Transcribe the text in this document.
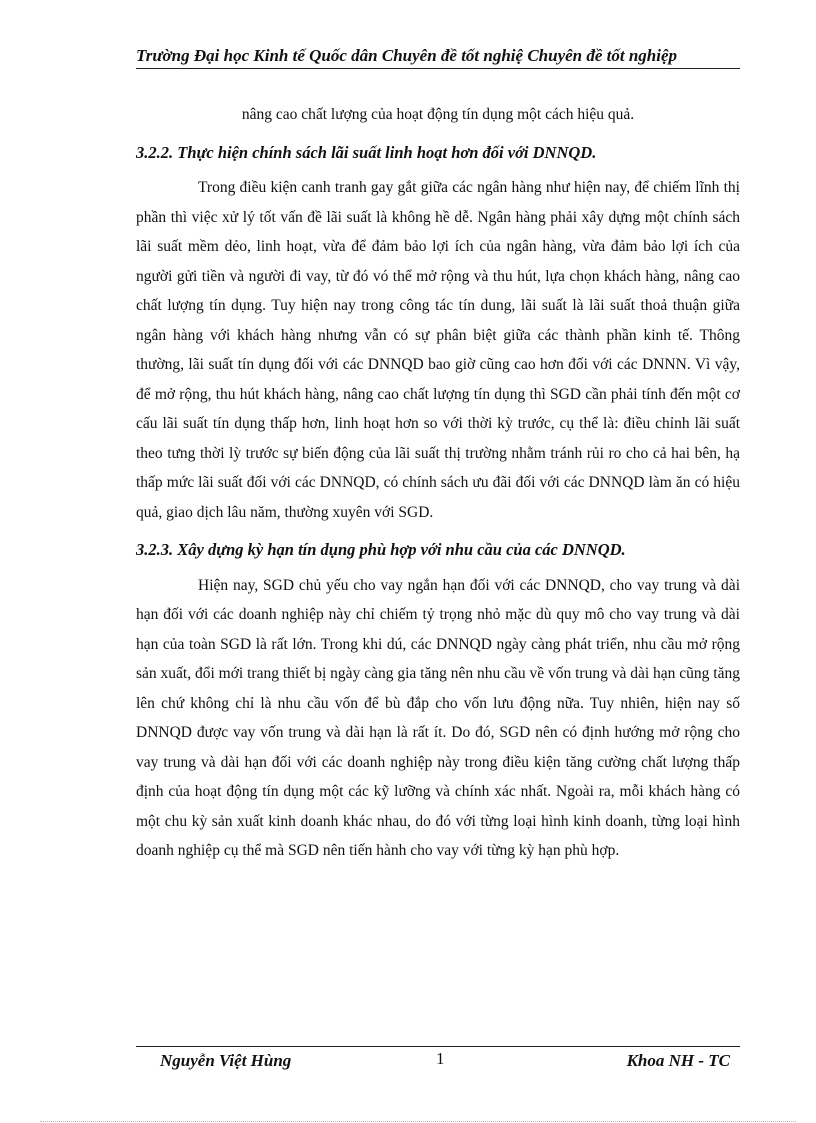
Trường Đại học Kinh tế Quốc dân Chuyên đề tốt nghiệ Chuyên đề tốt nghiệp

nâng cao chất lượng của hoạt động tín dụng một cách hiệu quả.

3.2.2. Thực hiện chính sách lãi suất linh hoạt hơn đối với DNNQD.

Trong điều kiện canh tranh gay gắt giữa các ngân hàng như hiện nay, để chiếm lĩnh thị phần thì việc xử lý tốt vấn đề lãi suất là không hề dễ. Ngân hàng phải xây dựng một chính sách lãi suất mềm dẻo, linh hoạt, vừa để đảm bảo lợi ích của ngân hàng, vừa đảm bảo lợi ích của người gửi tiền và người đi vay, từ đó vó thể mở rộng và thu hút, lựa chọn khách hàng, nâng cao chất lượng tín dụng. Tuy hiện nay trong công tác tín dung, lãi suất là lãi suất thoả thuận giữa ngân hàng với khách hàng nhưng vẫn có sự phân biệt giữa các thành phần kinh tế. Thông thường, lãi suất tín dụng đối với các DNNQD bao giờ cũng cao hơn đối với các DNNN. Vì vậy, để mở rộng, thu hút khách hàng, nâng cao chất lượng tín dụng thì SGD cần phải tính đến một cơ cấu lãi suất tín dụng thấp hơn, linh hoạt hơn so với thời kỳ trước, cụ thể là: điều chỉnh lãi suất theo tưng thời lỳ trước sự biến động của lãi suất thị trường nhằm tránh rủi ro cho cả hai bên, hạ thấp mức lãi suất đối với các DNNQD, có chính sách ưu đãi đối với các DNNQD làm ăn có hiệu quả, giao dịch lâu năm, thường xuyên với SGD.

3.2.3. Xây dựng kỳ hạn tín dụng phù hợp với nhu cầu của các DNNQD.

Hiện nay, SGD chủ yếu cho vay ngắn hạn đối với các DNNQD, cho vay trung và dài hạn đối với các doanh nghiệp này chỉ chiếm tỷ trọng nhỏ mặc dù quy mô cho vay trung và dài hạn của toàn SGD là rất lớn. Trong khi dú, các DNNQD ngày càng phát triển, nhu cầu mở rộng sản xuất, đổi mới trang thiết bị ngày càng gia tăng nên nhu cầu về vốn trung và dài hạn cũng tăng lên chứ không chỉ là nhu cầu vốn để bù đắp cho vốn lưu động nữa. Tuy nhiên, hiện nay số DNNQD được vay vốn trung và dài hạn là rất ít. Do đó, SGD nên có định hướng mở rộng cho vay trung và dài hạn đối với các doanh nghiệp này trong điều kiện tăng cường chất lượng thấp định của hoạt động tín dụng một các kỹ lưỡng và chính xác nhất. Ngoài ra, mỗi khách hàng có một chu kỳ sản xuất kinh doanh khác nhau, do đó với từng loại hình kinh doanh, từng loại hình doanh nghiệp cụ thể mà SGD nên tiến hành cho vay với từng kỳ hạn phù hợp.

Nguyễn Việt Hùng	1	Khoa NH - TC
